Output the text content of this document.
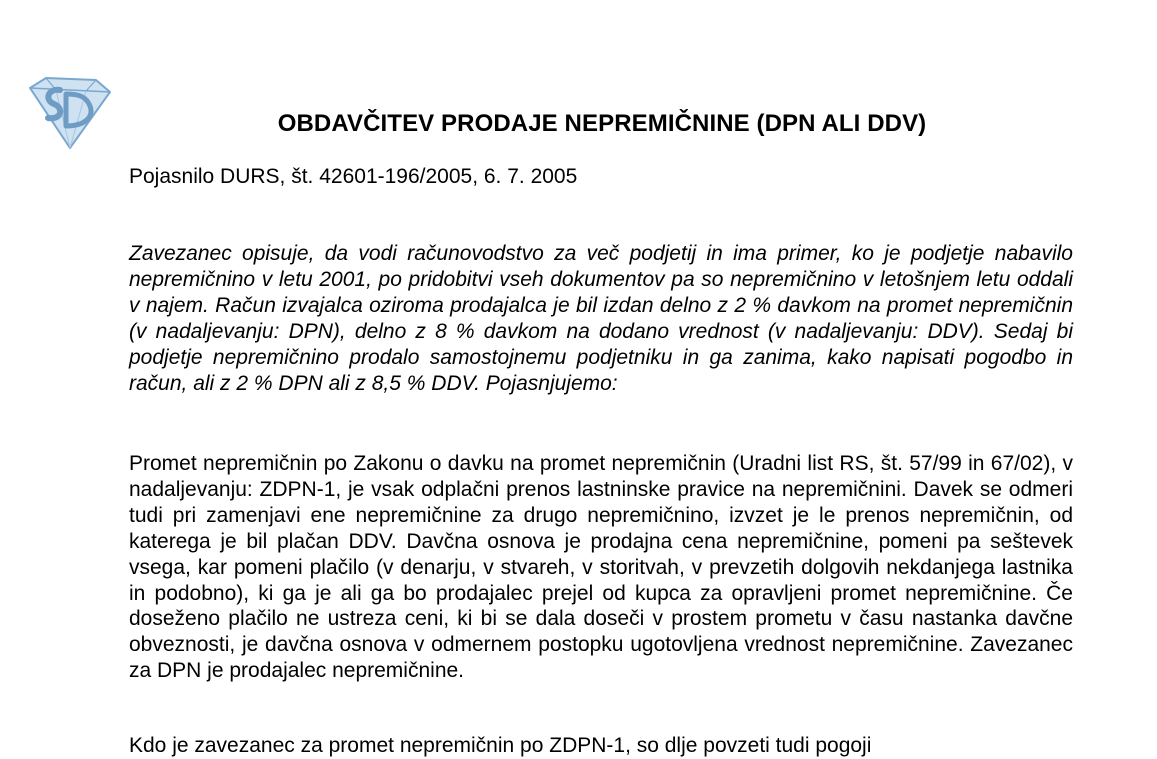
OBDAVČITEV PRODAJE NEPREMIČNINE (DPN ALI DDV)

Pojasnilo DURS, št. 42601-196/2005, 6. 7. 2005

Zavezanec opisuje, da vodi računovodstvo za več podjetij in ima primer, ko je podjetje nabavilo nepremičnino v letu 2001, po pridobitvi vseh dokumentov pa so nepremičnino v letošnjem letu oddali v najem. Račun izvajalca oziroma prodajalca je bil izdan delno z 2 % davkom na promet nepremičnin (v nadaljevanju: DPN), delno z 8 % davkom na dodano vrednost (v nadaljevanju: DDV). Sedaj bi podjetje nepremičnino prodalo samostojnemu podjetniku in ga zanima, kako napisati pogodbo in račun, ali z 2 % DPN ali z 8,5 % DDV. Pojasnjujemo:

Promet nepremičnin po Zakonu o davku na promet nepremičnin (Uradni list RS, št. 57/99 in 67/02), v nadaljevanju: ZDPN-1, je vsak odplačni prenos lastninske pravice na nepremičnini. Davek se odmeri tudi pri zamenjavi ene nepremičnine za drugo nepremičnino, izvzet je le prenos nepremičnin, od katerega je bil plačan DDV. Davčna osnova je prodajna cena nepremičnine, pomeni pa seštevek vsega, kar pomeni plačilo (v denarju, v stvareh, v storitvah, v prevzetih dolgovih nekdanjega lastnika in podobno), ki ga je ali ga bo prodajalec prejel od kupca za opravljeni promet nepremičnine. Če doseženo plačilo ne ustreza ceni, ki bi se dala doseči v prostem prometu v času nastanka davčne obveznosti, je davčna osnova v odmernem postopku ugotovljena vrednost nepremičnine. Zavezanec za DPN je prodajalec nepremičnine.

Kdo je zavezanec za promet nepremičnin po ZDPN-1, so dlje povzeti tudi pogoji
